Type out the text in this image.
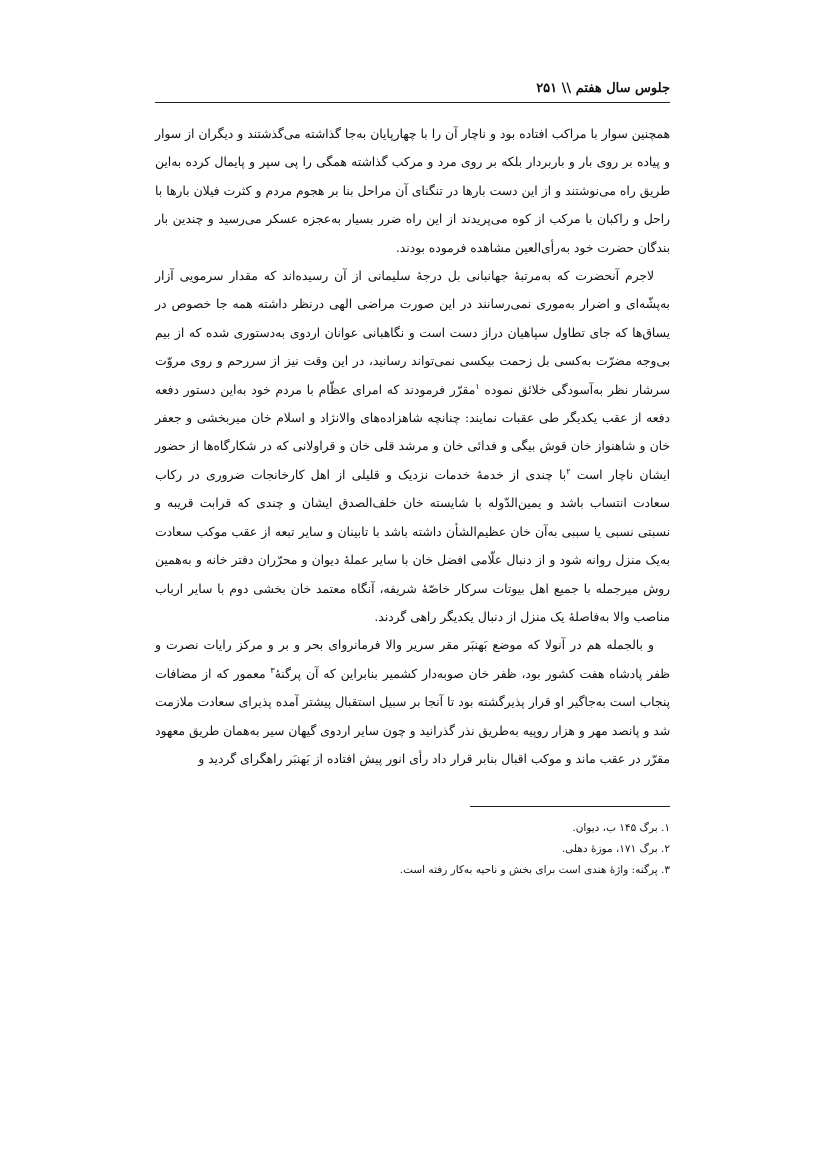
جلوس سال هفتم \\ ۲۵۱

همچنین سوار با مراکب افتاده بود و ناچار آن را با چهارپایان به‌جا گذاشته می‌گذشتند و دیگران از سوار و پیاده بر روی بار و باربردار بلکه بر روی مرد و مرکب گذاشته همگی را پی سپر و پایمال کرده به‌این طریق راه می‌نوشتند و از این دست بارها در تنگنای آن مراحل بنا بر هجوم مردم و کثرت فیلان بارها با راحل و راکبان با مرکب از کوه می‌پریدند از این راه ضرر بسیار به‌عجزه عسکر می‌رسید و چندین بار بندگان حضرت خود به‌رأی‌العین مشاهده فرموده بودند.

لاجرم آنحضرت که به‌مرتبهٔ جهانبانی بل درجهٔ سلیمانی از آن رسیده‌اند که مقدار سرمویی آزار به‌پشّه‌ای و اضرار به‌موری نمی‌رسانند در این صورت مراضی الهی درنظر داشته همه جا خصوص در یساق‌ها که جای تطاول سپاهیان دراز دست است و نگاهبانی عوانان اردوی به‌دستوری شده که از بیم بی‌وجه مضرّت به‌کسی بل زحمت بیکسی نمی‌تواند رسانید، در این وقت نیز از سررحم و روی مروّت سرشار نظر به‌آسودگی خلائق نموده $^۱$مقرّر فرمودند که امرای عظّام با مردم خود به‌این دستور دفعه دفعه از عقب یکدیگر طی عقبات نمایند: چنانچه شاهزاده‌های والانژاد و اسلام خان میربخشی و جعفر خان و شاهنواز خان قوش بیگی و فدائی خان و مرشد قلی خان و قراولانی که در شکارگاه‌ها از حضور ایشان ناچار است $^۲$با چندی از خدمهٔ خدمات نزدیک و قلیلی از اهل کارخانجات ضروری در رکاب سعادت انتساب باشد و یمین‌الدّوله با شایسته خان خلف‌الصدق ایشان و چندی که قرابت قریبه و نسبتی نسبی یا سببی به‌آن خان عظیم‌الشأن داشته باشد با تابینان و سایر تبعه از عقب موکب سعادت به‌یک منزل روانه شود و از دنبال علّامی افضل خان با سایر عملهٔ دیوان و محرّران دفتر خانه و به‌همین روش میرجمله با جمیع اهل بیوتات سرکار خاصّهٔ شریفه، آنگاه معتمد خان بخشی دوم با سایر ارباب مناصب والا به‌فاصلهٔ یک منزل از دنبال یکدیگر راهی گردند.

و بالجمله هم در آنولا که موضع بَهنبَر مقر سریر والا فرمانروای بحر و بر و مرکز رایات نصرت و ظفر پادشاه هفت کشور بود، ظفر خان صوبه‌دار کشمیر بنابراین که آن پرگنهٔ$^۳$ معمور که از مضافات پنجاب است به‌جاگیر او قرار پذیرگشته بود تا آنجا بر سبیل استقبال پیشتر آمده پذیرای سعادت ملازمت شد و پانصد مهر و هزار روپیه به‌طریق نذر گذرانید و چون سایر اردوی گیهان سیر به‌همان طریق معهود مقرّر در عقب ماند و موکب اقبال بنابر قرار داد رأی انور پیش افتاده از بَهنبَر راهگرای گردید و

۱. برگ ۱۴۵ ب، دیوان.
۲. برگ ۱۷۱، موزهٔ دهلی.
۳. پرگنه: واژهٔ هندی است برای بخش و ناحیه به‌کار رفته است.
